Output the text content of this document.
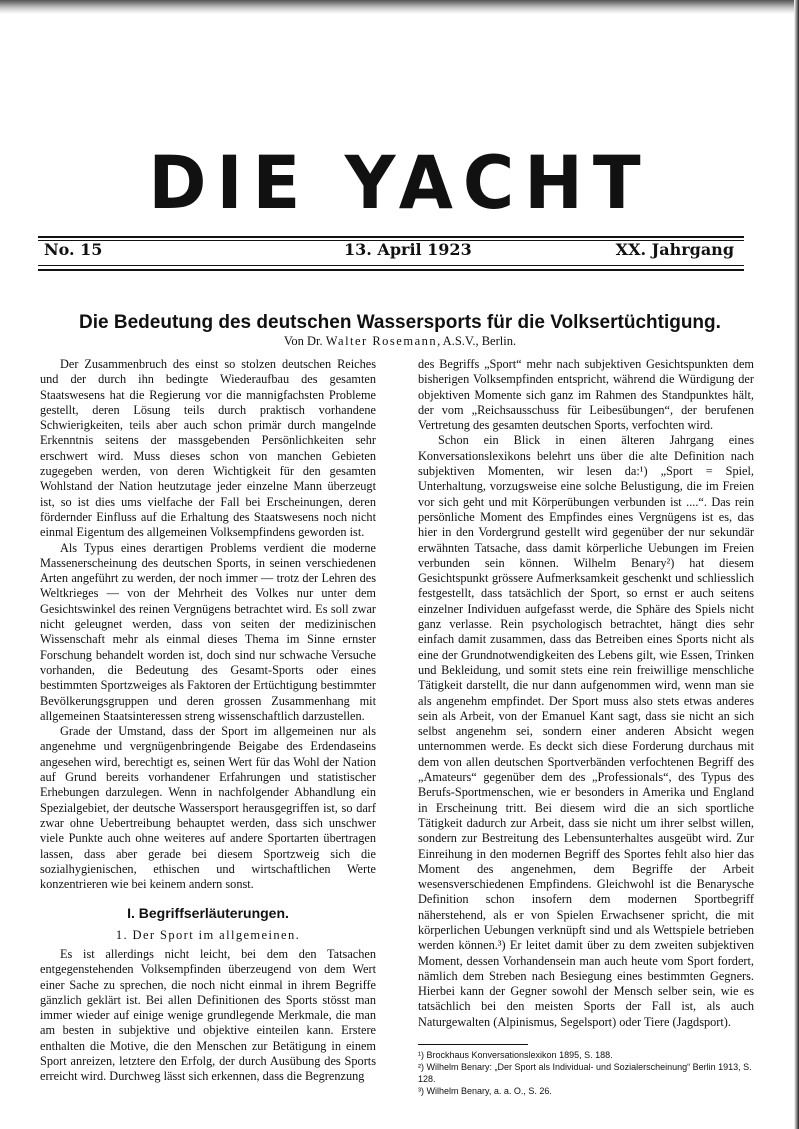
DIE YACHT
No. 15	13. April 1923	XX. Jahrgang
Die Bedeutung des deutschen Wassersports für die Volksertüchtigung.
Von Dr. Walter Rosemann, A.S.V., Berlin.

Der Zusammenbruch des einst so stolzen deutschen Reiches und der durch ihn bedingte Wiederaufbau des gesamten Staatswesens hat die Regierung vor die mannigfachsten Probleme gestellt, deren Lösung teils durch praktisch vorhandene Schwierigkeiten, teils aber auch schon primär durch mangelnde Erkenntnis seitens der massgebenden Persönlichkeiten sehr erschwert wird. Muss dieses schon von manchen Gebieten zugegeben werden, von deren Wichtigkeit für den gesamten Wohlstand der Nation heutzutage jeder einzelne Mann überzeugt ist, so ist dies ums vielfache der Fall bei Erscheinungen, deren fördernder Einfluss auf die Erhaltung des Staatswesens noch nicht einmal Eigentum des allgemeinen Volksempfindens geworden ist.

Als Typus eines derartigen Problems verdient die moderne Massenerscheinung des deutschen Sports, in seinen verschiedenen Arten angeführt zu werden, der noch immer — trotz der Lehren des Weltkrieges — von der Mehrheit des Volkes nur unter dem Gesichtswinkel des reinen Vergnügens betrachtet wird. Es soll zwar nicht geleugnet werden, dass von seiten der medizinischen Wissenschaft mehr als einmal dieses Thema im Sinne ernster Forschung behandelt worden ist, doch sind nur schwache Versuche vorhanden, die Bedeutung des Gesamt-Sports oder eines bestimmten Sportzweiges als Faktoren der Ertüchtigung bestimmter Bevölkerungsgruppen und deren grossen Zusammenhang mit allgemeinen Staatsinteressen streng wissenschaftlich darzustellen.

Grade der Umstand, dass der Sport im allgemeinen nur als angenehme und vergnügenbringende Beigabe des Erdendaseins angesehen wird, berechtigt es, seinen Wert für das Wohl der Nation auf Grund bereits vorhandener Erfahrungen und statistischer Erhebungen darzulegen. Wenn in nachfolgender Abhandlung ein Spezialgebiet, der deutsche Wassersport herausgegriffen ist, so darf zwar ohne Uebertreibung behauptet werden, dass sich unschwer viele Punkte auch ohne weiteres auf andere Sportarten übertragen lassen, dass aber gerade bei diesem Sportzweig sich die sozialhygienischen, ethischen und wirtschaftlichen Werte konzentrieren wie bei keinem andern sonst.

I. Begriffserläuterungen.
1. Der Sport im allgemeinen.

Es ist allerdings nicht leicht, bei dem den Tatsachen entgegenstehenden Volksempfinden überzeugend von dem Wert einer Sache zu sprechen, die noch nicht einmal in ihrem Begriffe gänzlich geklärt ist. Bei allen Definitionen des Sports stösst man immer wieder auf einige wenige grundlegende Merkmale, die man am besten in subjektive und objektive einteilen kann. Erstere enthalten die Motive, die den Menschen zur Betätigung in einem Sport anreizen, letztere den Erfolg, der durch Ausübung des Sports erreicht wird. Durchweg lässt sich erkennen, dass die Begrenzung

des Begriffs „Sport“ mehr nach subjektiven Gesichtspunkten dem bisherigen Volksempfinden entspricht, während die Würdigung der objektiven Momente sich ganz im Rahmen des Standpunktes hält, der vom „Reichsausschuss für Leibesübungen“, der berufenen Vertretung des gesamten deutschen Sports, verfochten wird.

Schon ein Blick in einen älteren Jahrgang eines Konversationslexikons belehrt uns über die alte Definition nach subjektiven Momenten, wir lesen da:¹) „Sport = Spiel, Unterhaltung, vorzugsweise eine solche Belustigung, die im Freien vor sich geht und mit Körperübungen verbunden ist ....“. Das rein persönliche Moment des Empfindes eines Vergnügens ist es, das hier in den Vordergrund gestellt wird gegenüber der nur sekundär erwähnten Tatsache, dass damit körperliche Uebungen im Freien verbunden sein können. Wilhelm Benary²) hat diesem Gesichtspunkt grössere Aufmerksamkeit geschenkt und schliesslich festgestellt, dass tatsächlich der Sport, so ernst er auch seitens einzelner Individuen aufgefasst werde, die Sphäre des Spiels nicht ganz verlasse. Rein psychologisch betrachtet, hängt dies sehr einfach damit zusammen, dass das Betreiben eines Sports nicht als eine der Grundnotwendigkeiten des Lebens gilt, wie Essen, Trinken und Bekleidung, und somit stets eine rein freiwillige menschliche Tätigkeit darstellt, die nur dann aufgenommen wird, wenn man sie als angenehm empfindet. Der Sport muss also stets etwas anderes sein als Arbeit, von der Emanuel Kant sagt, dass sie nicht an sich selbst angenehm sei, sondern einer anderen Absicht wegen unternommen werde. Es deckt sich diese Forderung durchaus mit dem von allen deutschen Sportverbänden verfochtenen Begriff des „Amateurs“ gegenüber dem des „Professionals“, des Typus des Berufs-Sportmenschen, wie er besonders in Amerika und England in Erscheinung tritt. Bei diesem wird die an sich sportliche Tätigkeit dadurch zur Arbeit, dass sie nicht um ihrer selbst willen, sondern zur Bestreitung des Lebensunterhaltes ausgeübt wird. Zur Einreihung in den modernen Begriff des Sportes fehlt also hier das Moment des angenehmen, dem Begriffe der Arbeit wesensverschiedenen Empfindens. Gleichwohl ist die Benarysche Definition schon insofern dem modernen Sportbegriff näherstehend, als er von Spielen Erwachsener spricht, die mit körperlichen Uebungen verknüpft sind und als Wettspiele betrieben werden können.³) Er leitet damit über zu dem zweiten subjektiven Moment, dessen Vorhandensein man auch heute vom Sport fordert, nämlich dem Streben nach Besiegung eines bestimmten Gegners. Hierbei kann der Gegner sowohl der Mensch selber sein, wie es tatsächlich bei den meisten Sports der Fall ist, als auch Naturgewalten (Alpinismus, Segelsport) oder Tiere (Jagdsport).

¹) Brockhaus Konversationslexikon 1895, S. 188.
²) Wilhelm Benary: „Der Sport als Individual- und Sozialerscheinung“ Berlin 1913, S. 128.
³) Wilhelm Benary, a. a. O., S. 26.
